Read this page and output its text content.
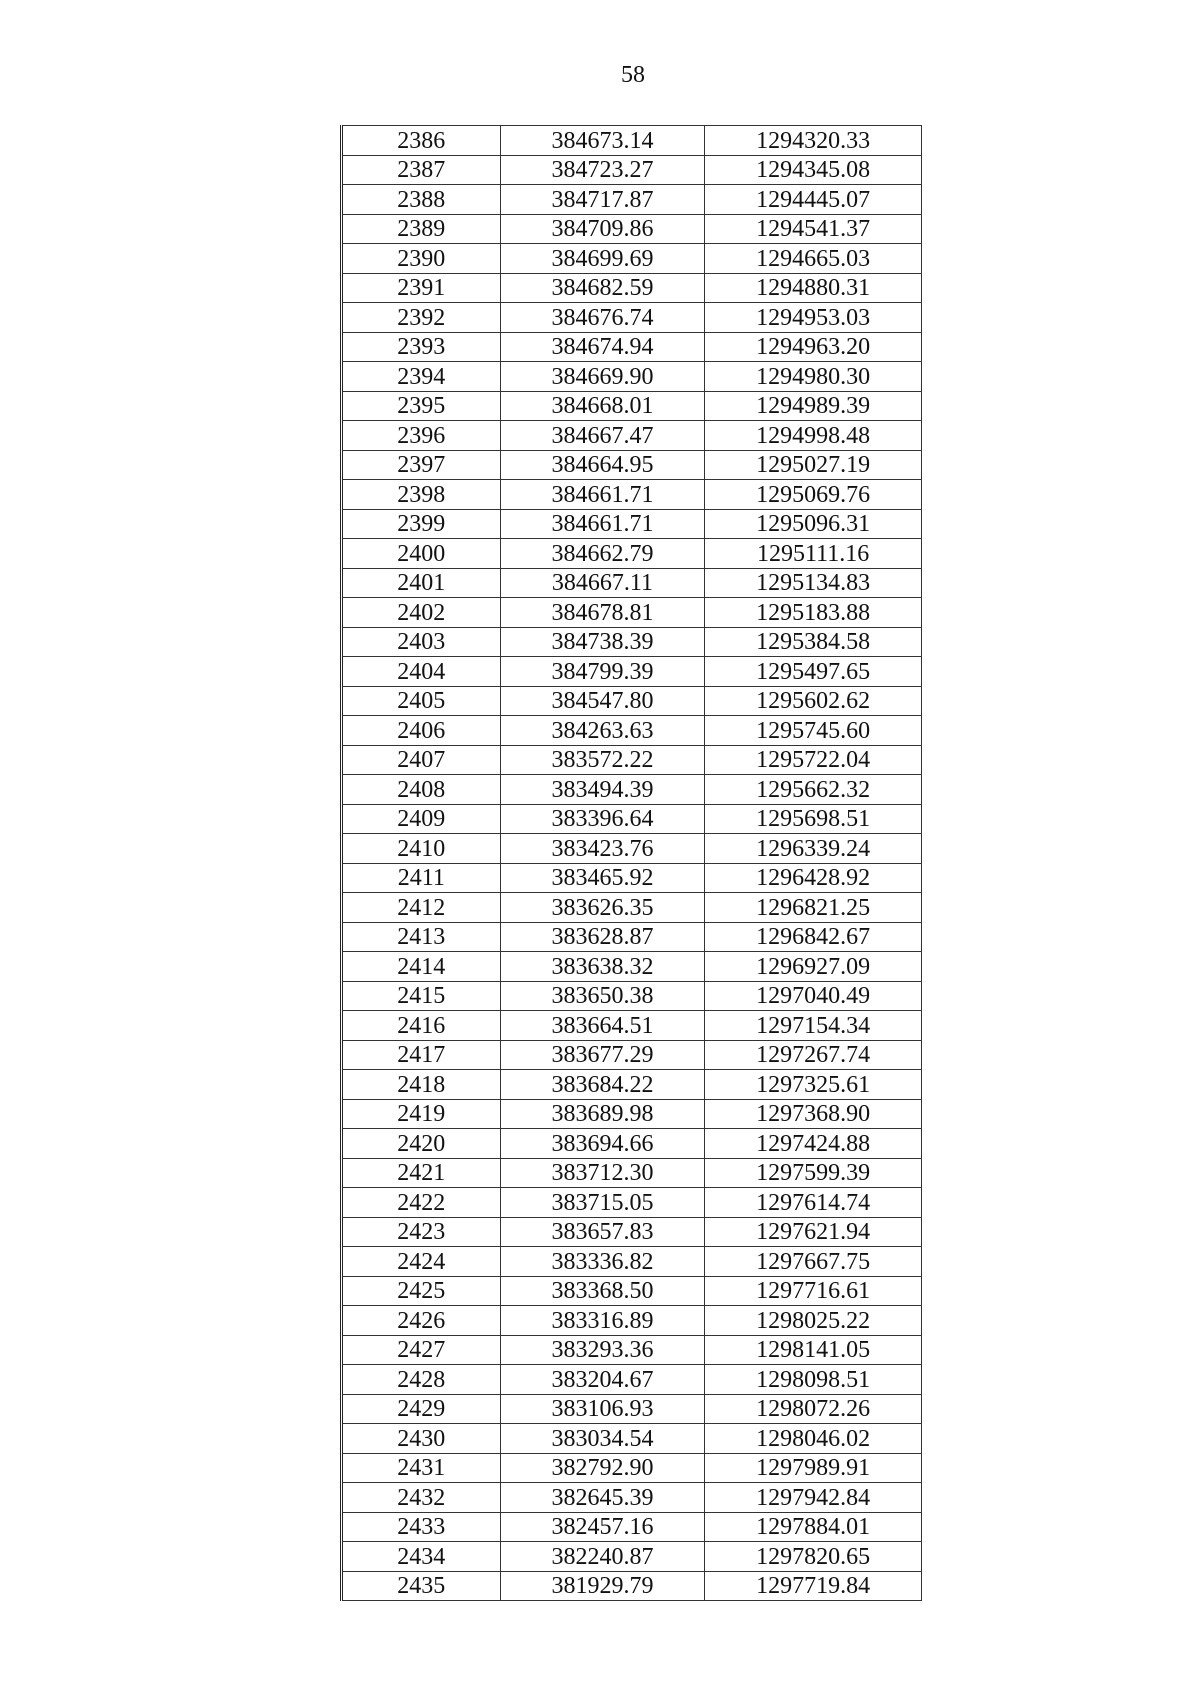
58
2386	384673.14	1294320.33
2387	384723.27	1294345.08
2388	384717.87	1294445.07
2389	384709.86	1294541.37
2390	384699.69	1294665.03
2391	384682.59	1294880.31
2392	384676.74	1294953.03
2393	384674.94	1294963.20
2394	384669.90	1294980.30
2395	384668.01	1294989.39
2396	384667.47	1294998.48
2397	384664.95	1295027.19
2398	384661.71	1295069.76
2399	384661.71	1295096.31
2400	384662.79	1295111.16
2401	384667.11	1295134.83
2402	384678.81	1295183.88
2403	384738.39	1295384.58
2404	384799.39	1295497.65
2405	384547.80	1295602.62
2406	384263.63	1295745.60
2407	383572.22	1295722.04
2408	383494.39	1295662.32
2409	383396.64	1295698.51
2410	383423.76	1296339.24
2411	383465.92	1296428.92
2412	383626.35	1296821.25
2413	383628.87	1296842.67
2414	383638.32	1296927.09
2415	383650.38	1297040.49
2416	383664.51	1297154.34
2417	383677.29	1297267.74
2418	383684.22	1297325.61
2419	383689.98	1297368.90
2420	383694.66	1297424.88
2421	383712.30	1297599.39
2422	383715.05	1297614.74
2423	383657.83	1297621.94
2424	383336.82	1297667.75
2425	383368.50	1297716.61
2426	383316.89	1298025.22
2427	383293.36	1298141.05
2428	383204.67	1298098.51
2429	383106.93	1298072.26
2430	383034.54	1298046.02
2431	382792.90	1297989.91
2432	382645.39	1297942.84
2433	382457.16	1297884.01
2434	382240.87	1297820.65
2435	381929.79	1297719.84
